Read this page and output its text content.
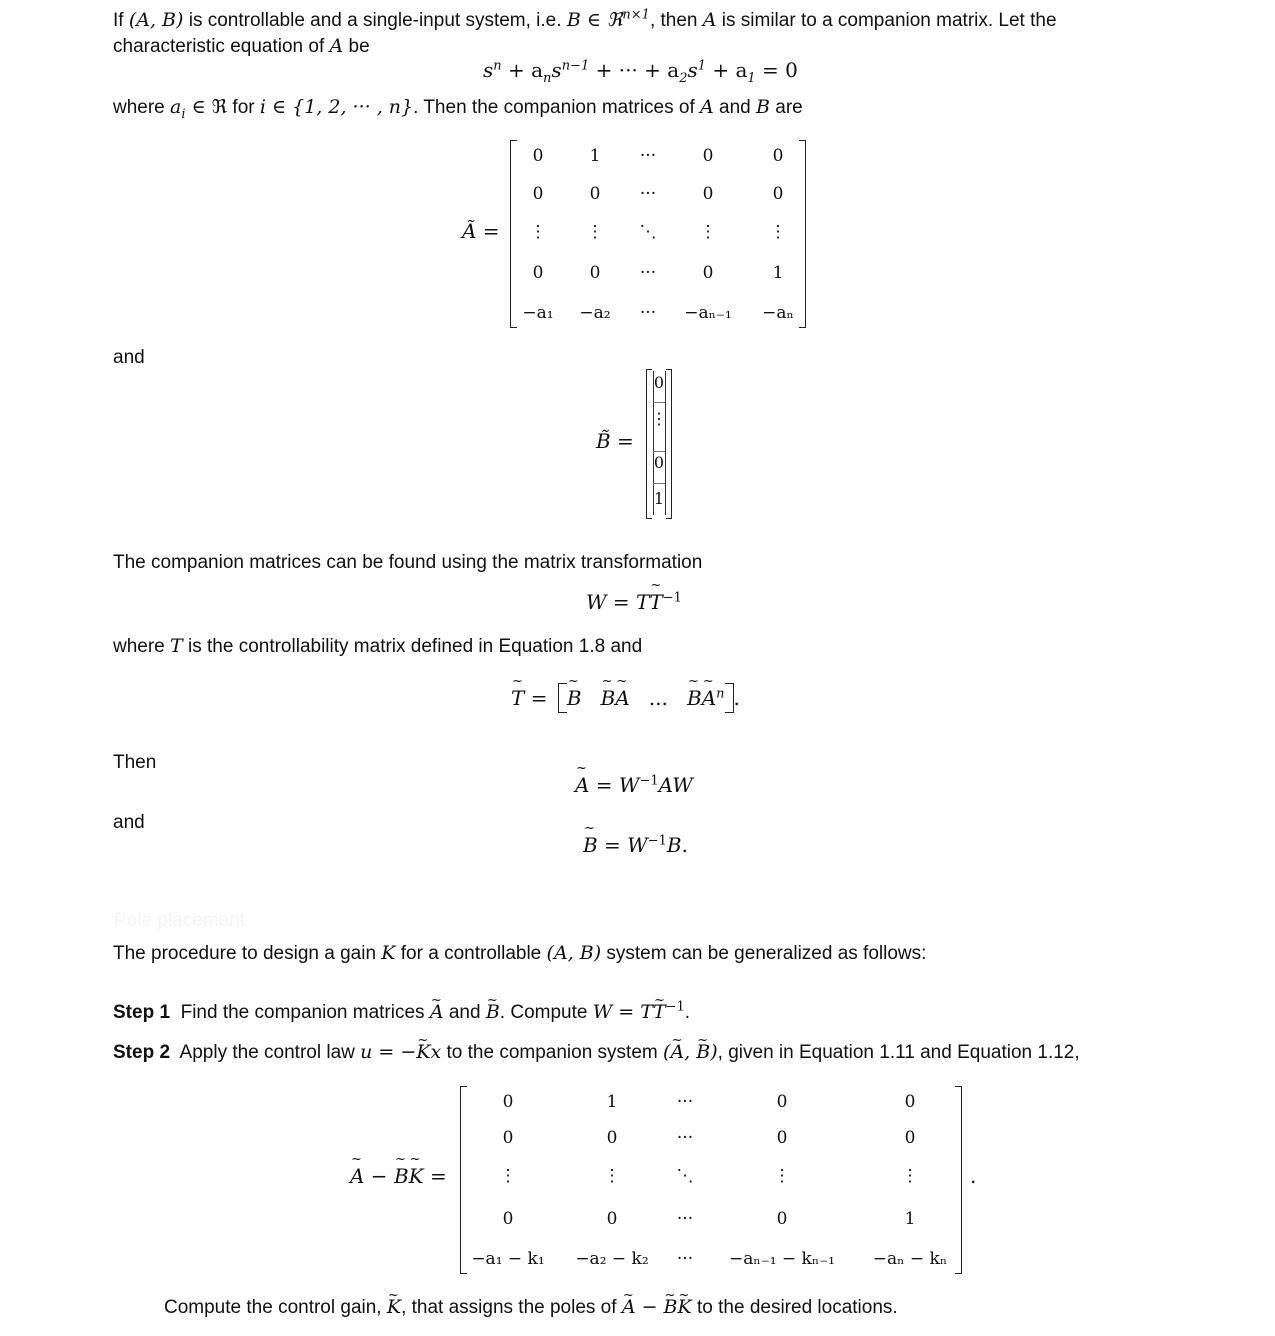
If (A, B) is controllable and a single-input system, i.e. B ∈ ℜ$^{n\times 1}$, then A is similar to a companion matrix. Let the
characteristic equation of A be
$s^n + a_ns^{n-1}$ + ··· + $a_2s^1 + a_1 = 0$
where $a_i$ ∈ ℜ for i ∈ {1, 2, ··· , n}. Then the companion matrices of A and B are
Ã =
0	1 ···	0	0
0	0 ···	0	0
⋮ ⋮ ⋱	⋮	⋮
0	0 ···	0	1
−a₁ −a₂ ··· −aₙ₋₁ −aₙ
and
B̃ =
0
⋮
0
1
The companion matrices can be found using the matrix transformation
W = T~ $T^{-1}$
where T is the controllability matrix defined in Equation 1.8 and
~ T = ~ B ~ B~ A ... ~ B~ $A^n$ .
Then
~ $A = W^{-1}AW$
and
~ $B = W^{-1}B$.
Pole placement
The procedure to design a gain K for a controllable (A, B) system can be generalized as follows:
Step 1 Find the companion matrices ~ A and ~ B. Compute W = T~ $T^{-1}$.
Step 2 Apply the control law u = −~ Kx to the companion system (~ A, ~ B), given in Equation 1.11 and Equation 1.12,
~ A − ~ B~ K =
0	1	···	0	0
0	0	···	0	0
⋮	⋮	⋱	⋮	⋮
0	0	···	0	1
−a₁ − k₁ −a₂ − k₂ ··· −aₙ₋₁ − kₙ₋₁ −aₙ − kₙ
.
Compute the control gain, ~ K, that assigns the poles of ~ A − ~ B~ K to the desired locations.
